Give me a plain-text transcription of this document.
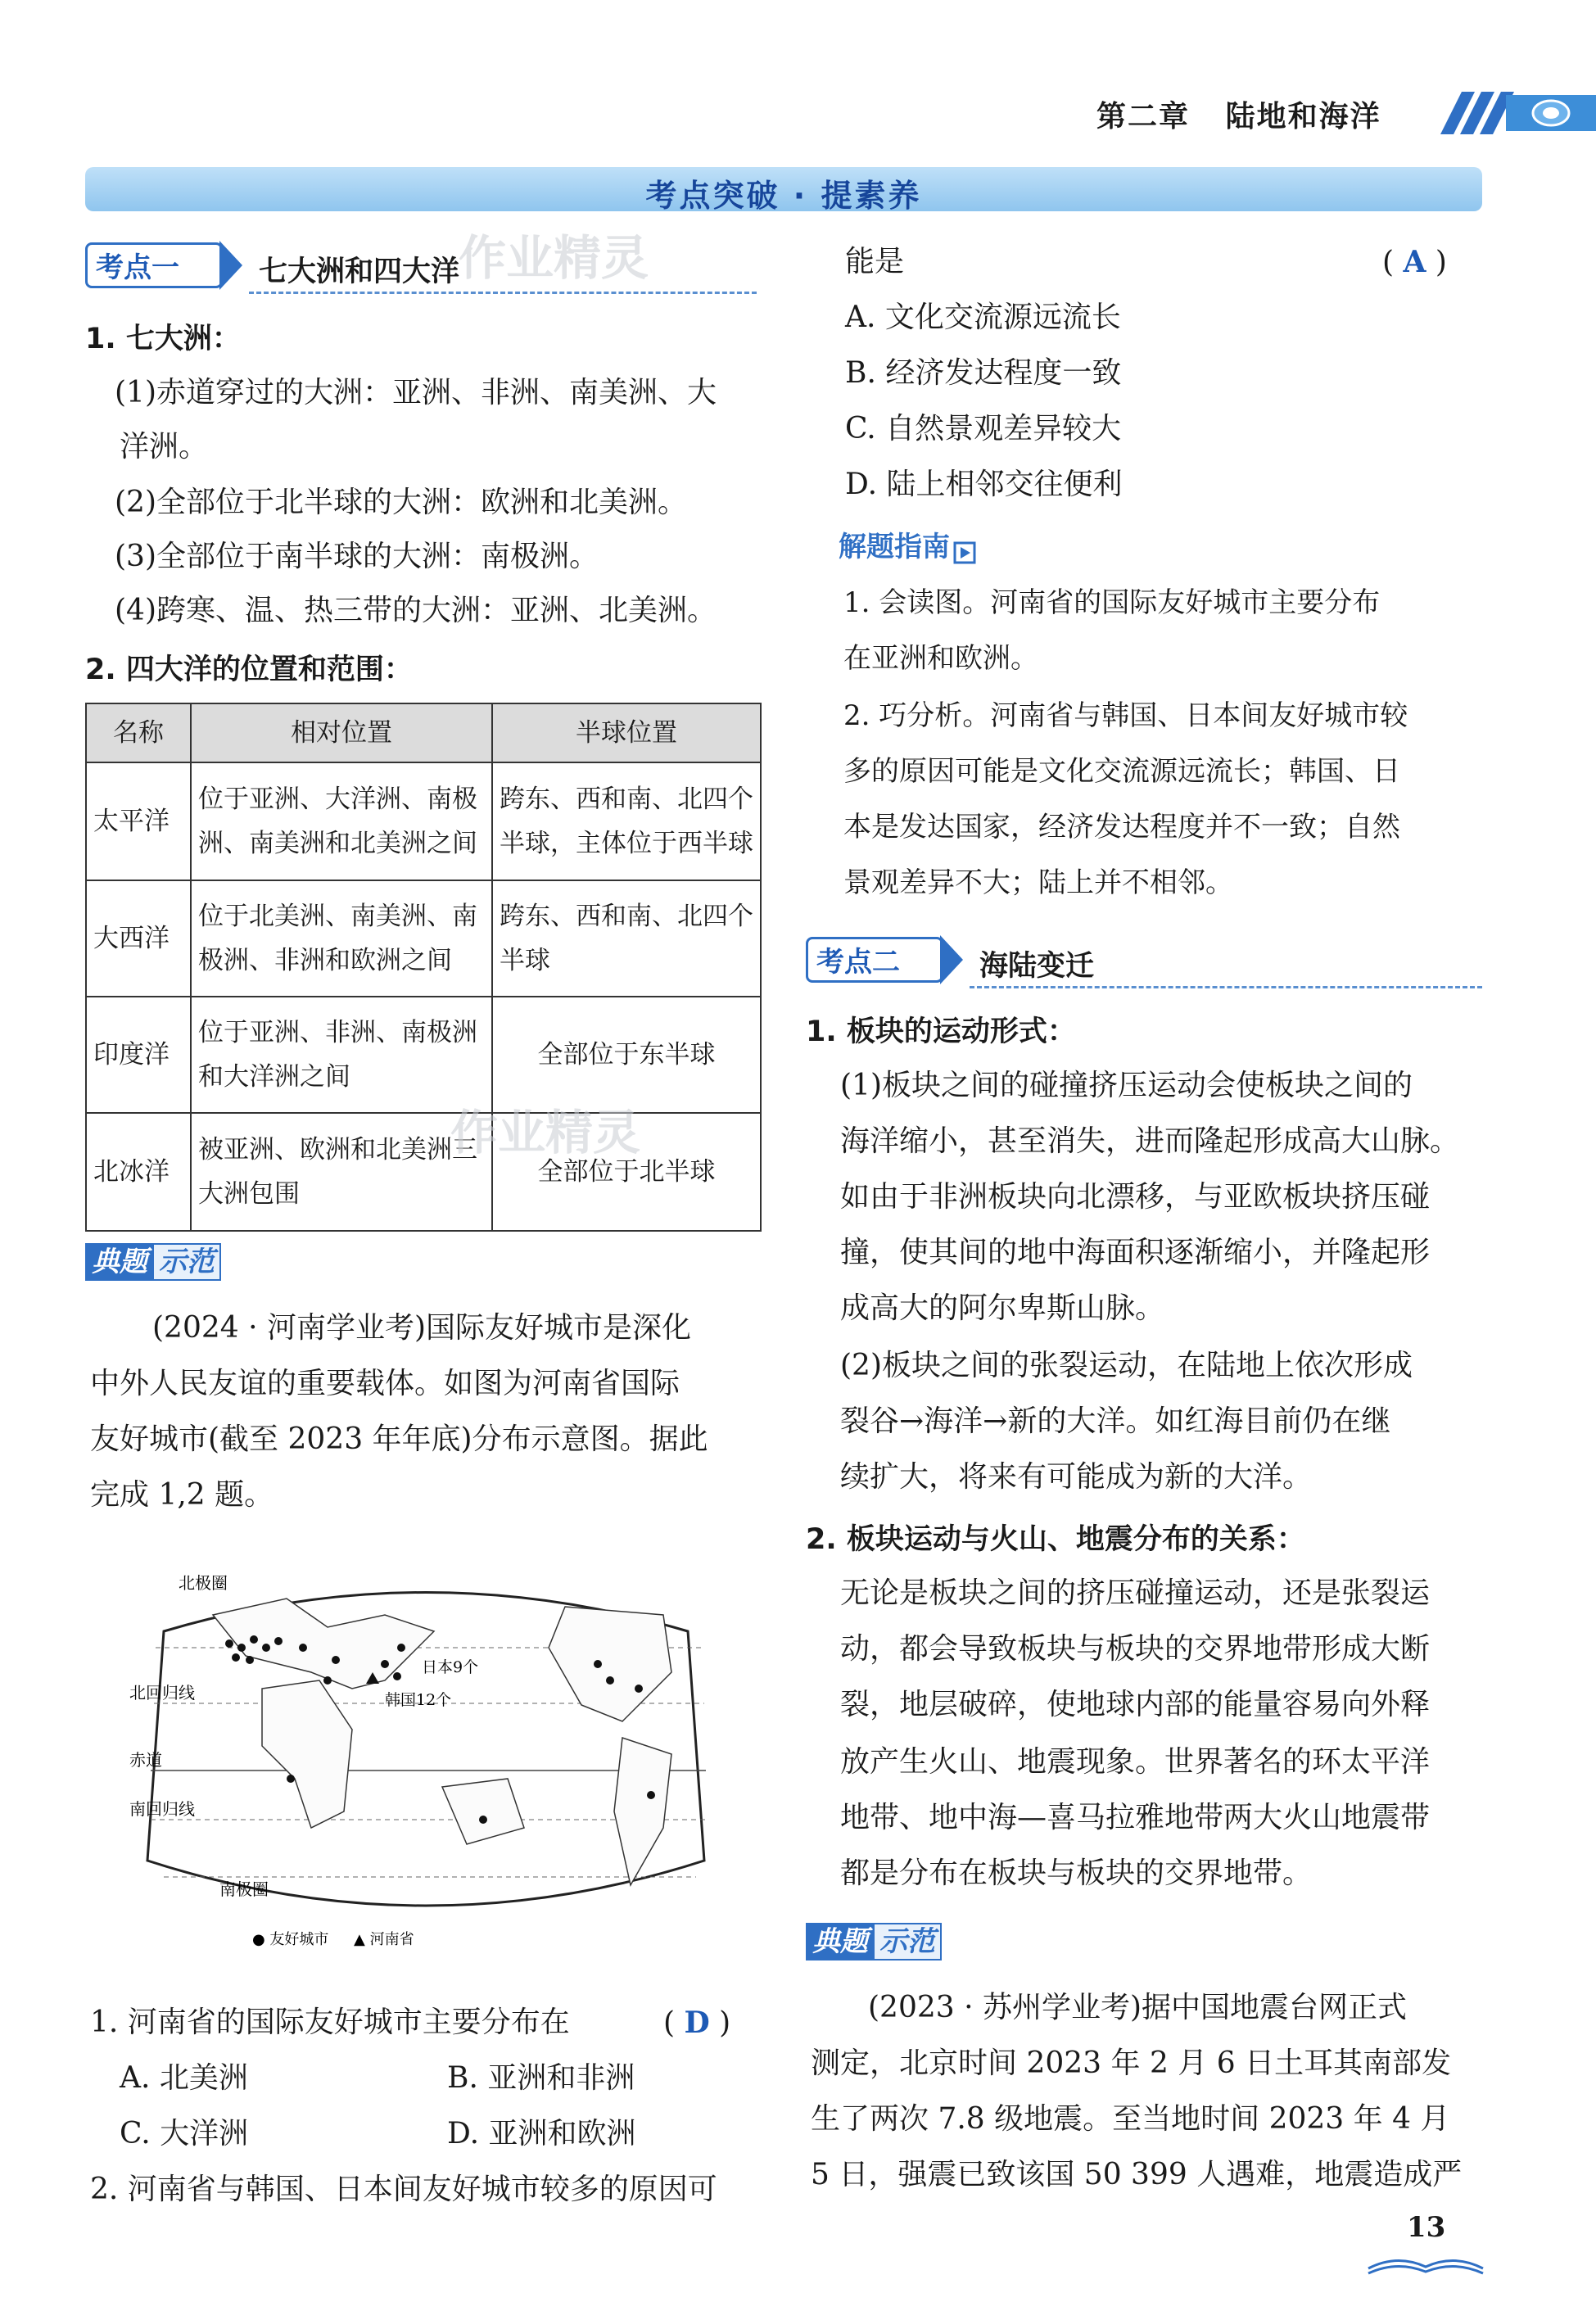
第二章   陆地和海洋
考点突破 · 提素养
考点一	七大洲和四大洋
作业精灵
1. 七大洲：
(1)赤道穿过的大洲：亚洲、非洲、南美洲、大
洋洲。
(2)全部位于北半球的大洲：欧洲和北美洲。
(3)全部位于南半球的大洲：南极洲。
(4)跨寒、温、热三带的大洲：亚洲、北美洲。
2. 四大洋的位置和范围：
名称	相对位置	半球位置
太平洋	位于亚洲、大洋洲、南极洲、南美洲和北美洲之间	跨东、西和南、北四个半球，主体位于西半球
大西洋	位于北美洲、南美洲、南极洲、非洲和欧洲之间	跨东、西和南、北四个半球
印度洋	位于亚洲、非洲、南极洲和大洋洲之间	全部位于东半球
北冰洋	被亚洲、欧洲和北美洲三大洲包围	全部位于北半球
作业精灵
典题 示范
(2024 · 河南学业考)国际友好城市是深化
中外人民友谊的重要载体。如图为河南省国际
友好城市(截至 2023 年年底)分布示意图。据此
完成 1,2 题。
北极圈
北回归线
赤道
南回归线
南极圈
日本9个
韩国12个
● 友好城市 ▲ 河南省
1. 河南省的国际友好城市主要分布在	( D )
A. 北美洲	B. 亚洲和非洲
C. 大洋洲	D. 亚洲和欧洲
2. 河南省与韩国、日本间友好城市较多的原因可
能是	( A )
A. 文化交流源远流长
B. 经济发达程度一致
C. 自然景观差异较大
D. 陆上相邻交往便利
解题指南
1. 会读图。河南省的国际友好城市主要分布
在亚洲和欧洲。
2. 巧分析。河南省与韩国、日本间友好城市较
多的原因可能是文化交流源远流长；韩国、日
本是发达国家，经济发达程度并不一致；自然
景观差异不大；陆上并不相邻。
考点二	海陆变迁
1. 板块的运动形式：
(1)板块之间的碰撞挤压运动会使板块之间的
海洋缩小，甚至消失，进而隆起形成高大山脉。
如由于非洲板块向北漂移，与亚欧板块挤压碰
撞，使其间的地中海面积逐渐缩小，并隆起形
成高大的阿尔卑斯山脉。
(2)板块之间的张裂运动，在陆地上依次形成
裂谷→海洋→新的大洋。如红海目前仍在继
续扩大，将来有可能成为新的大洋。
2. 板块运动与火山、地震分布的关系：
无论是板块之间的挤压碰撞运动，还是张裂运
动，都会导致板块与板块的交界地带形成大断
裂，地层破碎，使地球内部的能量容易向外释
放产生火山、地震现象。世界著名的环太平洋
地带、地中海—喜马拉雅地带两大火山地震带
都是分布在板块与板块的交界地带。
典题 示范
(2023 · 苏州学业考)据中国地震台网正式
测定，北京时间 2023 年 2 月 6 日土耳其南部发
生了两次 7.8 级地震。至当地时间 2023 年 4 月
5 日，强震已致该国 50 399 人遇难，地震造成严
13
